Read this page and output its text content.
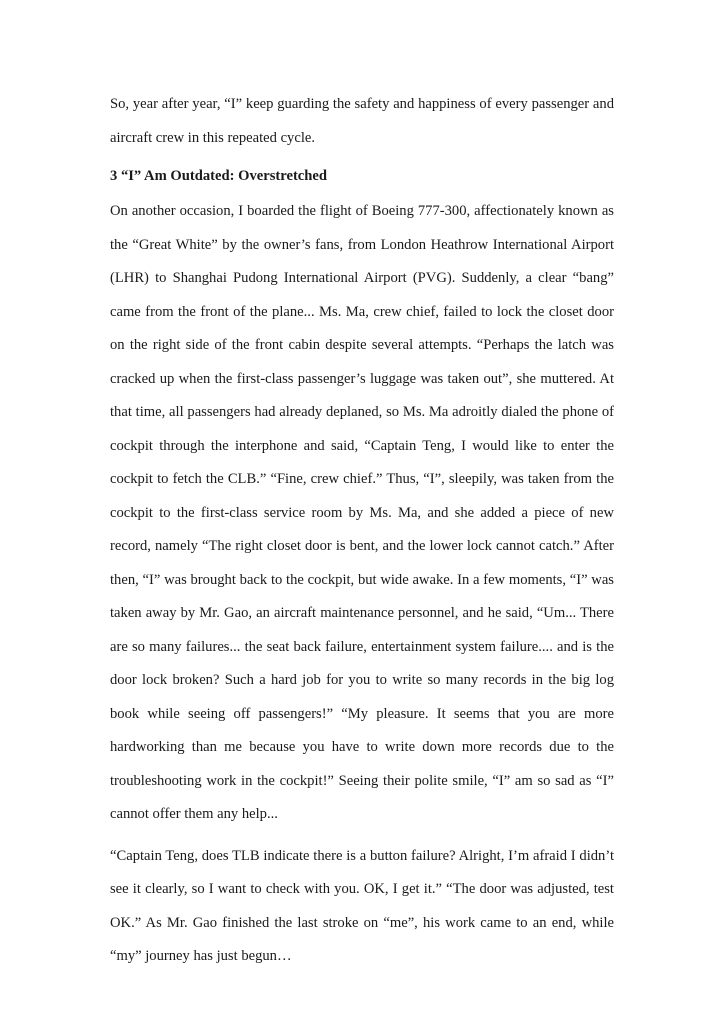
So, year after year, “I” keep guarding the safety and happiness of every passenger and aircraft crew in this repeated cycle.

3 “I” Am Outdated: Overstretched

On another occasion, I boarded the flight of Boeing 777-300, affectionately known as the “Great White” by the owner’s fans, from London Heathrow International Airport (LHR) to Shanghai Pudong International Airport (PVG). Suddenly, a clear “bang” came from the front of the plane... Ms. Ma, crew chief, failed to lock the closet door on the right side of the front cabin despite several attempts. “Perhaps the latch was cracked up when the first-class passenger’s luggage was taken out”, she muttered. At that time, all passengers had already deplaned, so Ms. Ma adroitly dialed the phone of cockpit through the interphone and said, “Captain Teng, I would like to enter the cockpit to fetch the CLB.” “Fine, crew chief.” Thus, “I”, sleepily, was taken from the cockpit to the first-class service room by Ms. Ma, and she added a piece of new record, namely “The right closet door is bent, and the lower lock cannot catch.” After then, “I” was brought back to the cockpit, but wide awake. In a few moments, “I” was taken away by Mr. Gao, an aircraft maintenance personnel, and he said, “Um... There are so many failures... the seat back failure, entertainment system failure.... and is the door lock broken? Such a hard job for you to write so many records in the big log book while seeing off passengers!” “My pleasure. It seems that you are more hardworking than me because you have to write down more records due to the troubleshooting work in the cockpit!” Seeing their polite smile, “I” am so sad as “I” cannot offer them any help...

“Captain Teng, does TLB indicate there is a button failure? Alright, I’m afraid I didn’t see it clearly, so I want to check with you. OK, I get it.” “The door was adjusted, test OK.” As Mr. Gao finished the last stroke on “me”, his work came to an end, while “my” journey has just begun…
